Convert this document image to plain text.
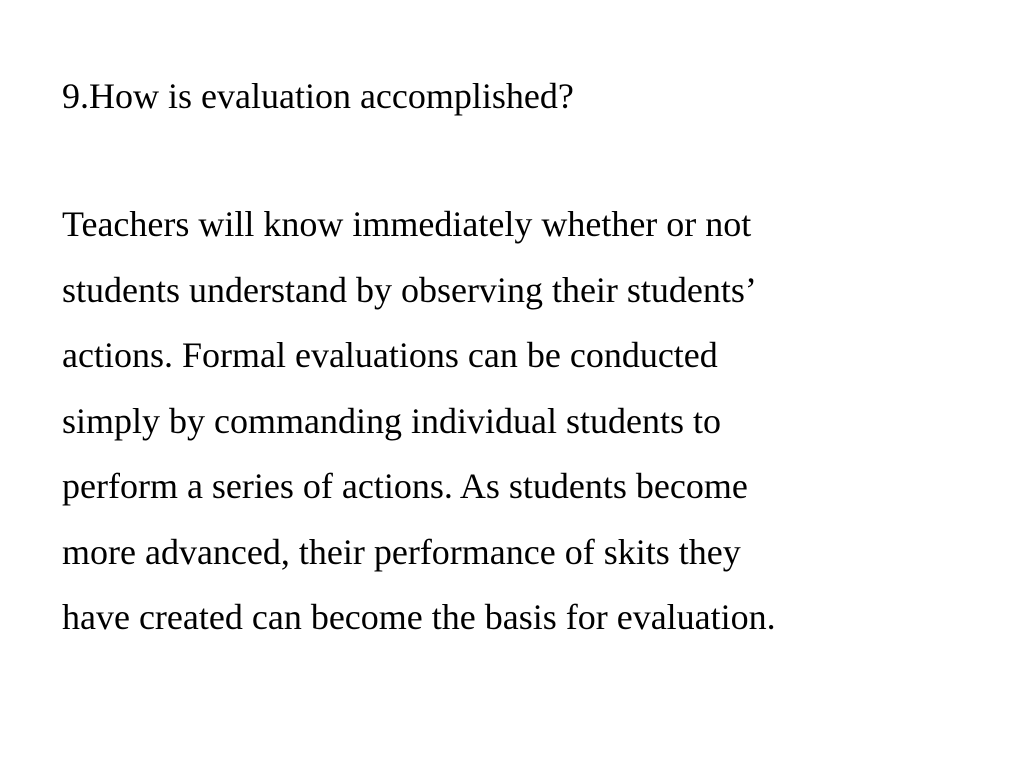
9.How is evaluation accomplished?
Teachers will know immediately whether or not
students understand by observing their students’
actions. Formal evaluations can be conducted
simply by commanding individual students to
perform a series of actions. As students become
more advanced, their performance of skits they
have created can become the basis for evaluation.
